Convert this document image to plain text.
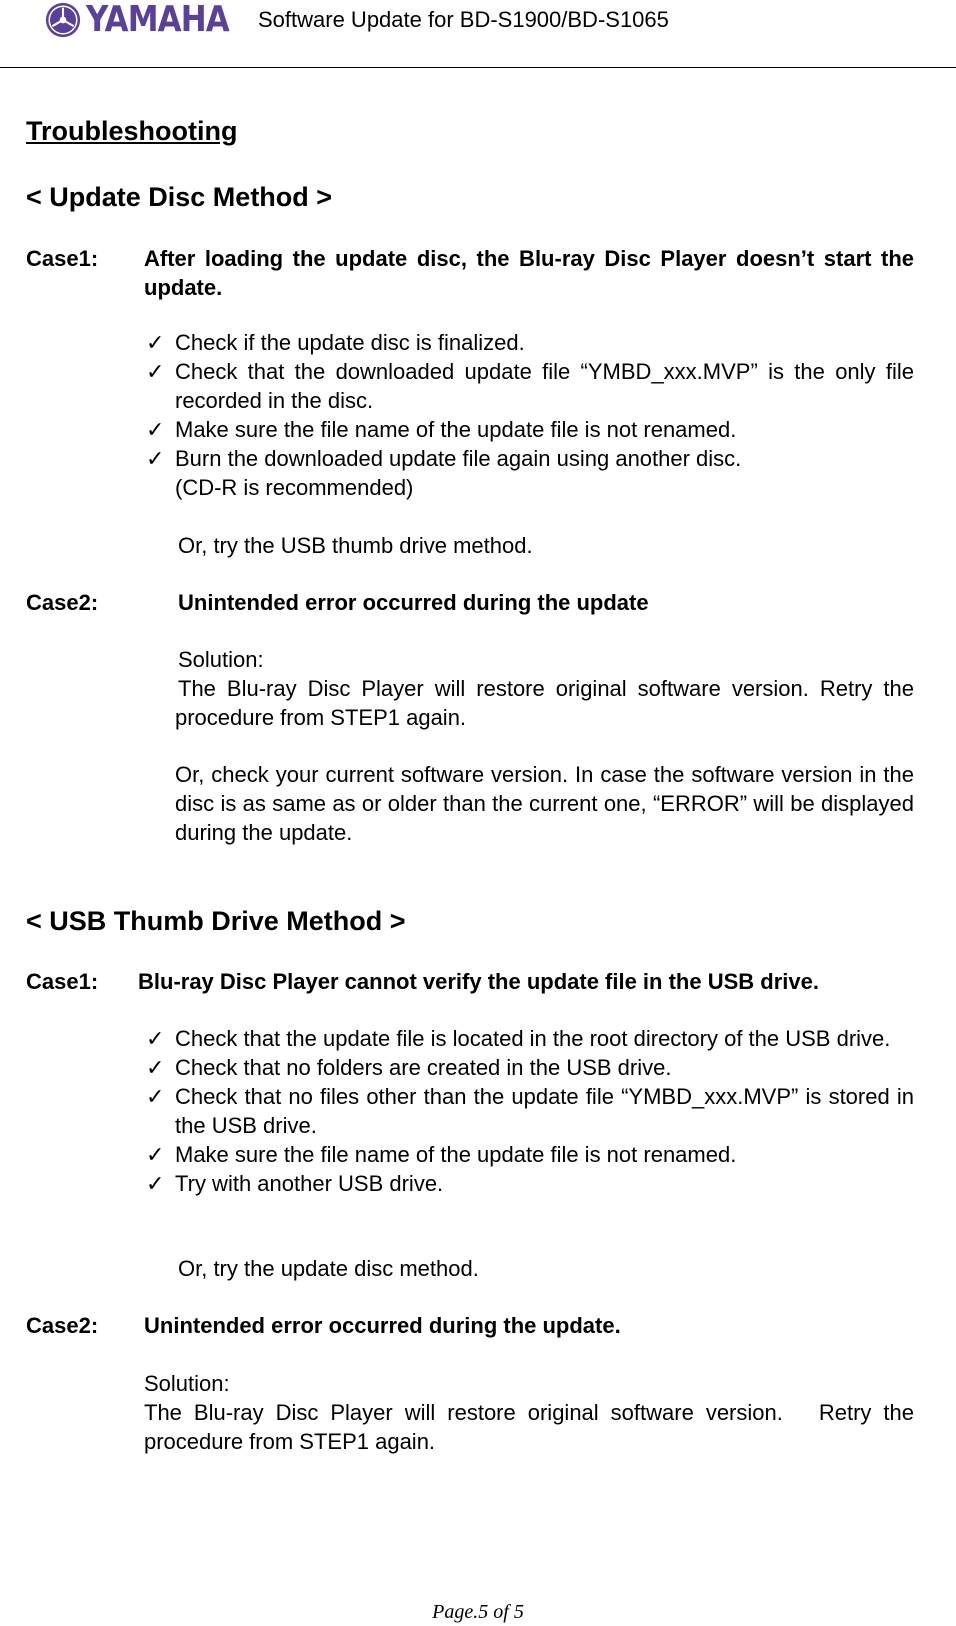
YAMAHA Software Update for BD-S1900/BD-S1065
Troubleshooting
< Update Disc Method >
Case1: After loading the update disc, the Blu-ray Disc Player doesn’t start the update.
✓ Check if the update disc is finalized.
✓ Check that the downloaded update file “YMBD_xxx.MVP” is the only file recorded in the disc.
✓ Make sure the file name of the update file is not renamed.
✓ Burn the downloaded update file again using another disc.
(CD-R is recommended)
Or, try the USB thumb drive method.
Case2:	Unintended error occurred during the update
Solution:
The Blu-ray Disc Player will restore original software version. Retry the procedure from STEP1 again.
Or, check your current software version. In case the software version in the disc is as same as or older than the current one, “ERROR” will be displayed during the update.
< USB Thumb Drive Method >
Case1: Blu-ray Disc Player cannot verify the update file in the USB drive.
✓ Check that the update file is located in the root directory of the USB drive.
✓ Check that no folders are created in the USB drive.
✓ Check that no files other than the update file “YMBD_xxx.MVP” is stored in the USB drive.
✓ Make sure the file name of the update file is not renamed.
✓ Try with another USB drive.
Or, try the update disc method.
Case2: Unintended error occurred during the update.
Solution:
The Blu-ray Disc Player will restore original software version.   Retry the procedure from STEP1 again.
Page.5 of 5
